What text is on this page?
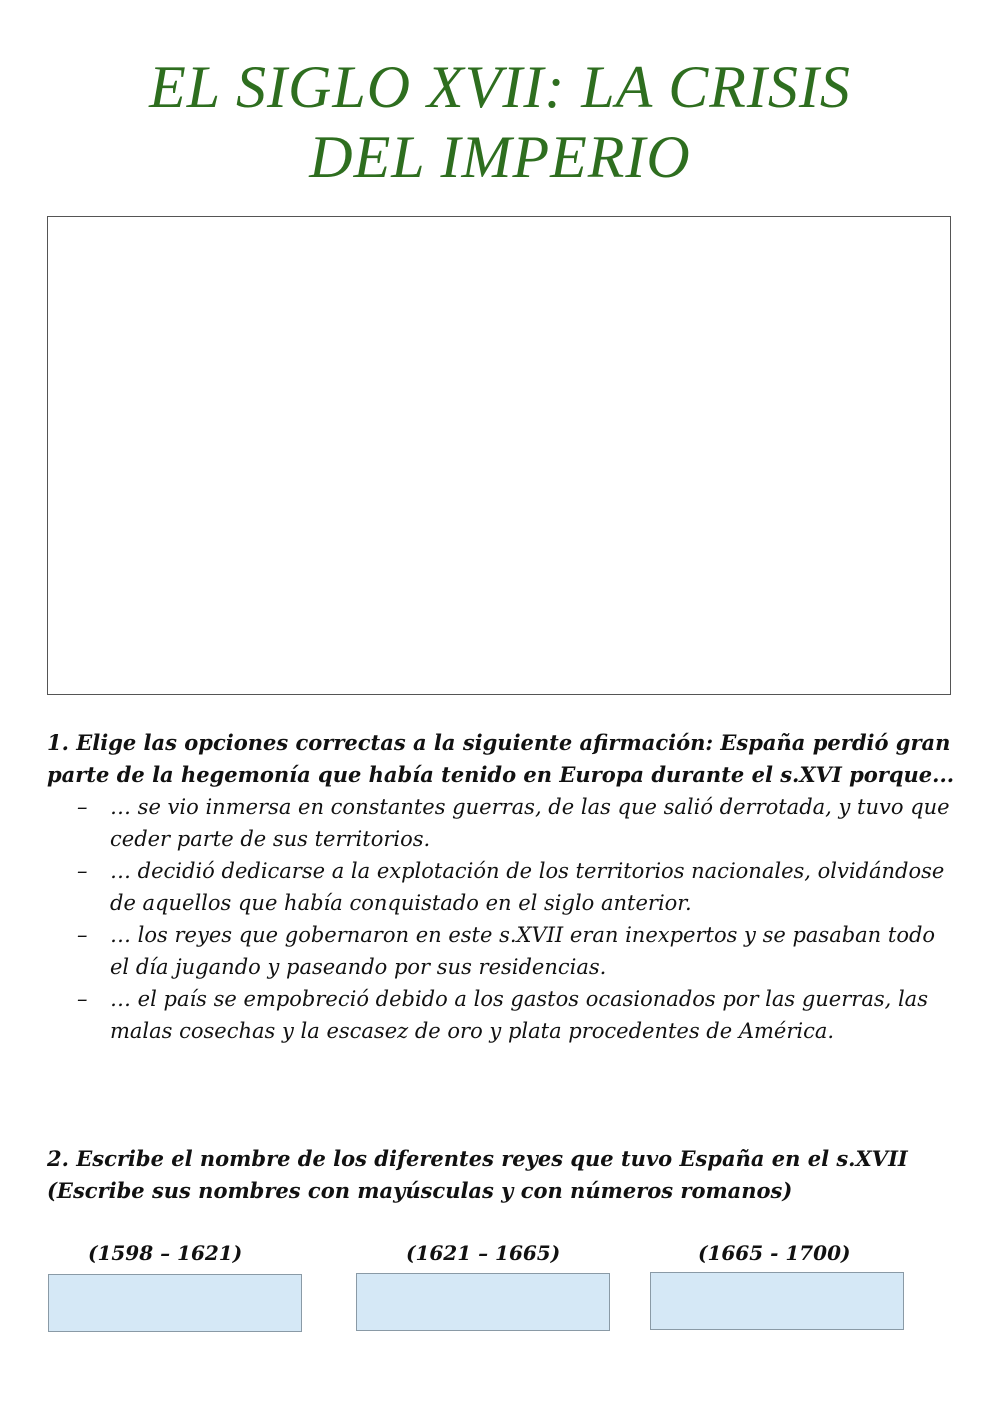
EL SIGLO XVII: LA CRISIS
DEL IMPERIO

1. Elige las opciones correctas a la siguiente afirmación: España perdió gran parte de la hegemonía que había tenido en Europa durante el s.XVI porque...

– … se vio inmersa en constantes guerras, de las que salió derrotada, y tuvo que ceder parte de sus territorios.
– … decidió dedicarse a la explotación de los territorios nacionales, olvidándose de aquellos que había conquistado en el siglo anterior.
– … los reyes que gobernaron en este s.XVII eran inexpertos y se pasaban todo el día jugando y paseando por sus residencias.
– … el país se empobreció debido a los gastos ocasionados por las guerras, las malas cosechas y la escasez de oro y plata procedentes de América.

2. Escribe el nombre de los diferentes reyes que tuvo España en el s.XVII (Escribe sus nombres con mayúsculas y con números romanos)

(1598 – 1621)	(1621 – 1665)	(1665 - 1700)
